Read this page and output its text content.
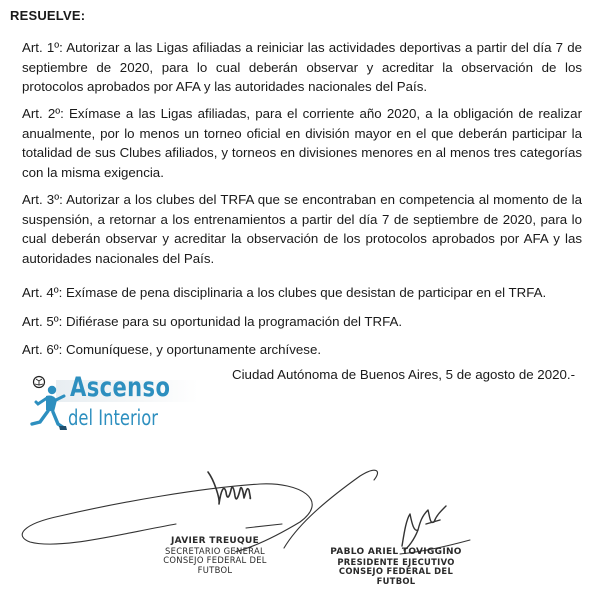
RESUELVE:

Art. 1º: Autorizar a las Ligas afiliadas a reiniciar las actividades deportivas a partir del día 7 de septiembre de 2020, para lo cual deberán observar y acreditar la observación de los protocolos aprobados por AFA y las autoridades nacionales del País.

Art. 2º: Exímase a las Ligas afiliadas, para el corriente año 2020, a la obligación de realizar anualmente, por lo menos un torneo oficial en división mayor en el que deberán participar la totalidad de sus Clubes afiliados, y torneos en divisiones menores en al menos tres categorías con la misma exigencia.

Art. 3º: Autorizar a los clubes del TRFA que se encontraban en competencia al momento de la suspensión, a retornar a los entrenamientos a partir del día 7 de septiembre de 2020, para lo cual deberán observar y acreditar la observación de los protocolos aprobados por AFA y las autoridades nacionales del País.

Art. 4º: Exímase de pena disciplinaria a los clubes que desistan de participar en el TRFA.

Art. 5º: Difiérase para su oportunidad la programación del TRFA.

Art. 6º: Comuníquese, y oportunamente archívese.

Ascenso
del Interior
Ciudad Autónoma de Buenos Aires, 5 de agosto de 2020.-
JAVIER TREUQUE
SECRETARIO GENERAL
CONSEJO FEDERAL DEL FUTBOL
PABLO ARIEL TOVIGGINO
PRESIDENTE EJECUTIVO
CONSEJO FEDERAL DEL FUTBOL
